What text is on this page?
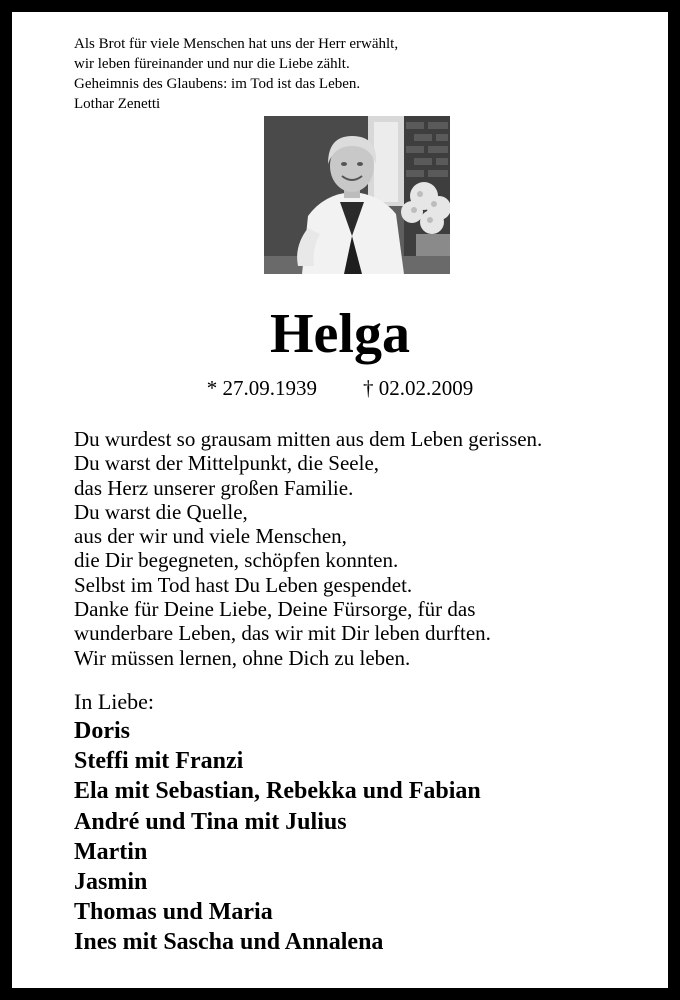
Als Brot für viele Menschen hat uns der Herr erwählt,
wir leben füreinander und nur die Liebe zählt.
Geheimnis des Glaubens: im Tod ist das Leben.
Lothar Zenetti
Helga
* 27.09.1939 † 02.02.2009
Du wurdest so grausam mitten aus dem Leben gerissen.
Du warst der Mittelpunkt, die Seele,
das Herz unserer großen Familie.
Du warst die Quelle,
aus der wir und viele Menschen,
die Dir begegneten, schöpfen konnten.
Selbst im Tod hast Du Leben gespendet.
Danke für Deine Liebe, Deine Fürsorge, für das
wunderbare Leben, das wir mit Dir leben durften.
Wir müssen lernen, ohne Dich zu leben.
In Liebe:
Doris
Steffi mit Franzi
Ela mit Sebastian, Rebekka und Fabian
André und Tina mit Julius
Martin
Jasmin
Thomas und Maria
Ines mit Sascha und Annalena
